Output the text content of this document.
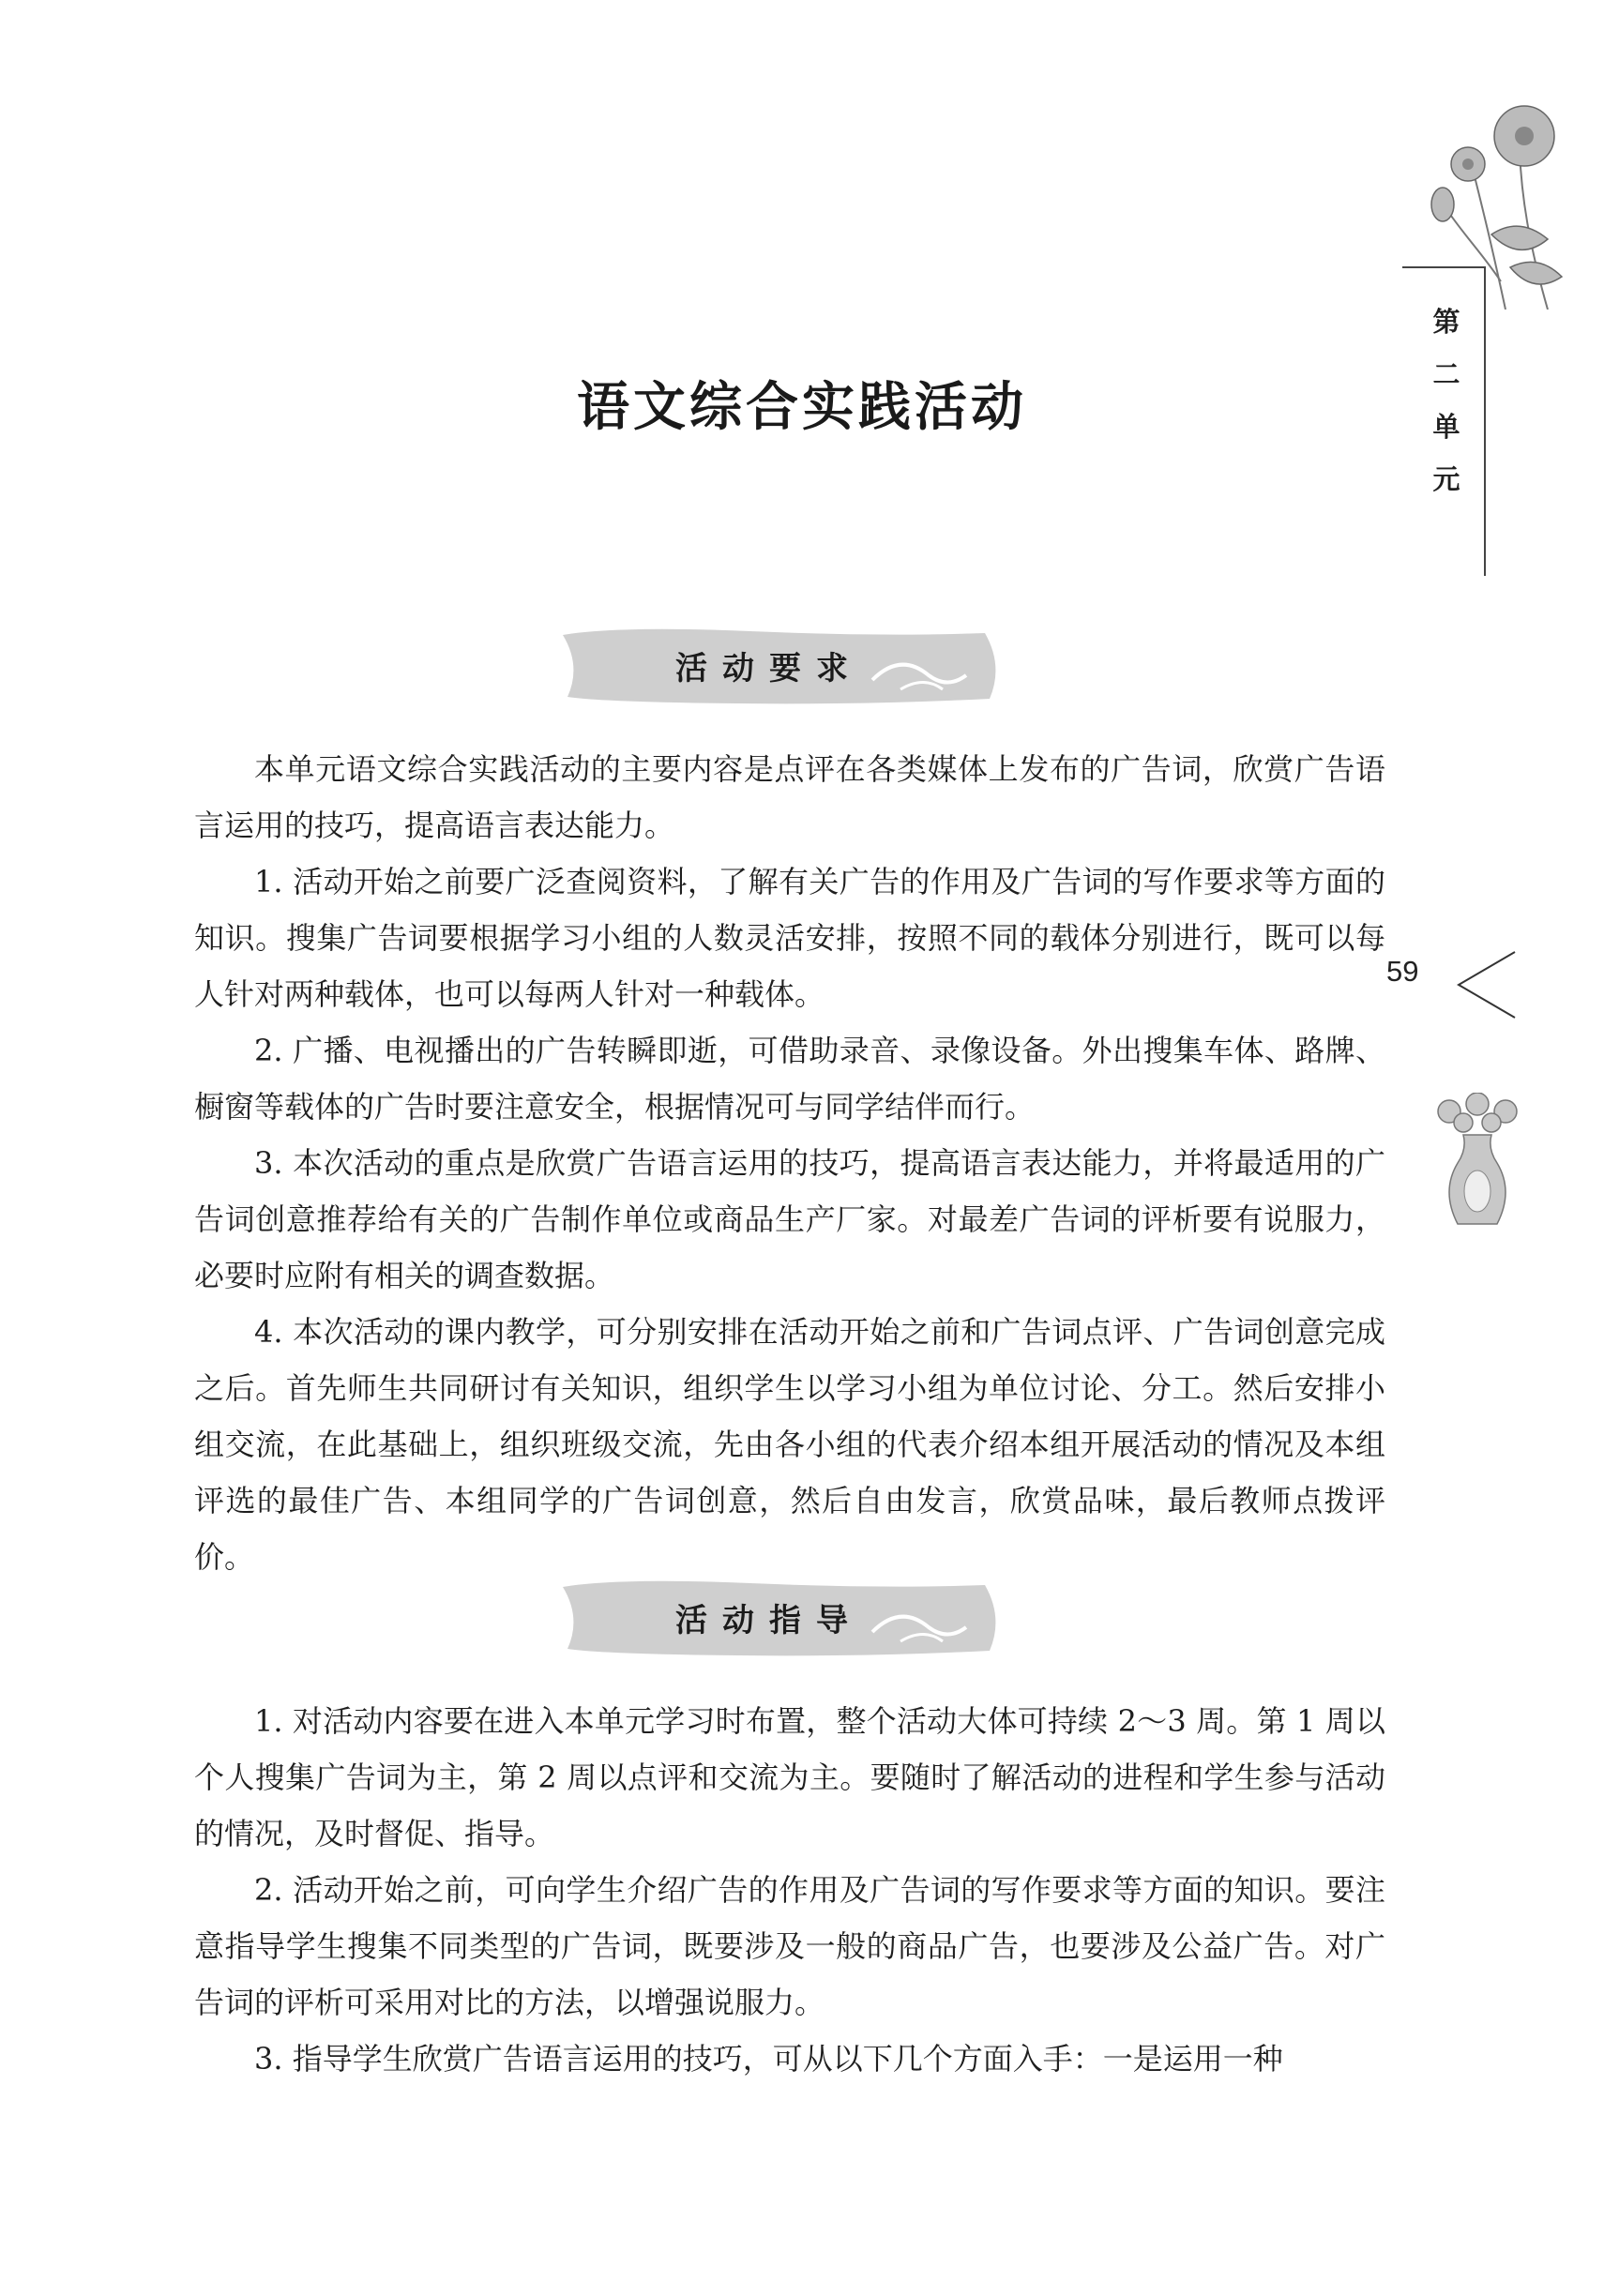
第二单元
59
语文综合实践活动
活动要求

本单元语文综合实践活动的主要内容是点评在各类媒体上发布的广告词，欣赏广告语言运用的技巧，提高语言表达能力。

1. 活动开始之前要广泛查阅资料，了解有关广告的作用及广告词的写作要求等方面的知识。搜集广告词要根据学习小组的人数灵活安排，按照不同的载体分别进行，既可以每人针对两种载体，也可以每两人针对一种载体。

2. 广播、电视播出的广告转瞬即逝，可借助录音、录像设备。外出搜集车体、路牌、橱窗等载体的广告时要注意安全，根据情况可与同学结伴而行。

3. 本次活动的重点是欣赏广告语言运用的技巧，提高语言表达能力，并将最适用的广告词创意推荐给有关的广告制作单位或商品生产厂家。对最差广告词的评析要有说服力，必要时应附有相关的调查数据。

4. 本次活动的课内教学，可分别安排在活动开始之前和广告词点评、广告词创意完成之后。首先师生共同研讨有关知识，组织学生以学习小组为单位讨论、分工。然后安排小组交流，在此基础上，组织班级交流，先由各小组的代表介绍本组开展活动的情况及本组评选的最佳广告、本组同学的广告词创意，然后自由发言，欣赏品味，最后教师点拨评价。

活动指导

1. 对活动内容要在进入本单元学习时布置，整个活动大体可持续 2～3 周。第 1 周以个人搜集广告词为主，第 2 周以点评和交流为主。要随时了解活动的进程和学生参与活动的情况，及时督促、指导。

2. 活动开始之前，可向学生介绍广告的作用及广告词的写作要求等方面的知识。要注意指导学生搜集不同类型的广告词，既要涉及一般的商品广告，也要涉及公益广告。对广告词的评析可采用对比的方法，以增强说服力。

3. 指导学生欣赏广告语言运用的技巧，可从以下几个方面入手：一是运用一种
